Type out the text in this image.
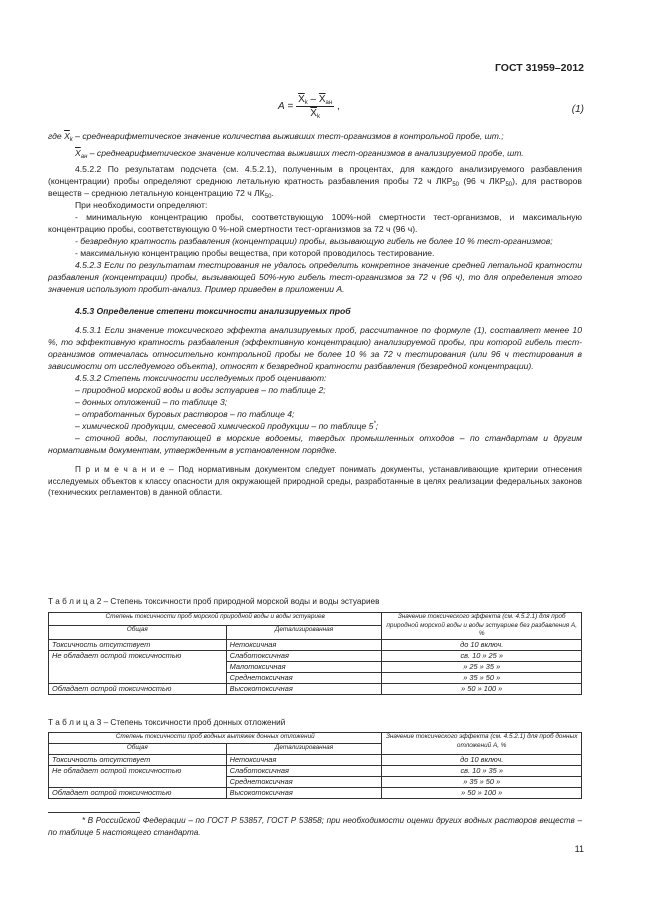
ГОСТ 31959–2012
$A = \frac{\overline{X}_k - \overline{X}_{ан}}{\overline{X}_k}$ ,	(1)

где $\overline{X}_k$ – среднеарифметическое значение количества выживших тест-организмов в контрольной пробе, шт.;

$\overline{X}_{ан}$ – среднеарифметическое значение количества выживших тест-организмов в анализируемой пробе, шт.

4.5.2.2 По результатам подсчета (см. 4.5.2.1), полученным в процентах, для каждого анализируемого разбавления (концентрации) пробы определяют среднюю летальную кратность разбавления пробы 72 ч $ЛКР_{50}$ (96 ч $ЛКР_{50}$), для растворов веществ – среднюю летальную концентрацию 72 ч $ЛК_{50}$.

При необходимости определяют:

- минимальную концентрацию пробы, соответствующую 100%-ной смертности тест-организмов, и максимальную концентрацию пробы, соответствующую 0 %-ной смертности тест-организмов за 72 ч (96 ч).

- безвредную кратность разбавления (концентрации) пробы, вызывающую гибель не более 10 % тест-организмов;

- максимальную концентрацию пробы вещества, при которой проводилось тестирование.

4.5.2.3 Если по результатам тестирования не удалось определить конкретное значение средней летальной кратности разбавления (концентрации) пробы, вызывающей 50%-ную гибель тест-организмов за 72 ч (96 ч), то для определения этого значения используют пробит-анализ. Пример приведен в приложении А.

4.5.3 Определение степени токсичности анализируемых проб

4.5.3.1 Если значение токсического эффекта анализируемых проб, рассчитанное по формуле (1), составляет менее 10 %, то эффективную кратность разбавления (эффективную концентрацию) анализируемой пробы, при которой гибель тест-организмов отмечалась относительно контрольной пробы не более 10 % за 72 ч тестирования (или 96 ч тестирования в зависимости от исследуемого объекта), относят к безвредной кратности разбавления (безвредной концентрации).

4.5.3.2 Степень токсичности исследуемых проб оценивают:

– природной морской воды и воды эстуариев – по таблице 2;

– донных отложений – по таблице 3;

– отработанных буровых растворов – по таблице 4;

– химической продукции, смесевой химической продукции – по таблице 5*;

– сточной воды, поступающей в морские водоемы, твердых промышленных отходов – по стандартам и другим нормативным документам, утвержденным в установленном порядке.

П р и м е ч а н и е – Под нормативным документом следует понимать документы, устанавливающие критерии отнесения исследуемых объектов к классу опасности для окружающей природной среды, разработанные в целях реализации федеральных законов (технических регламентов) в данной области.

Т а б л и ц а 2 – Степень токсичности проб природной морской воды и воды эстуариев
Степень токсичности проб морской природной воды и воды эстуариев		Значение токсического эффекта (см. 4.5.2.1) для проб природной морской воды и воды эстуариев без разбавления А, %
Общая	Детализированная	
Токсичность отсутствует	Нетоксичная	до 10 включ.
Не обладает острой токсичностью	Слаботоксичная	св. 10 » 25 »
	Малотоксичная	» 25 » 35 »
	Среднетоксичная	» 35 » 50 »
Обладает острой токсичностью	Высокотоксичная	» 50 » 100 »
Т а б л и ц а 3 – Степень токсичности проб донных отложений
Степень токсичности проб водных вытяжек донных отложений		Значение токсического эффекта (см. 4.5.2.1) для проб донных отложений А, %
Общая	Детализированная	
Токсичность отсутствует	Нетоксичная	до 10 включ.
Не обладает острой токсичностью	Слаботоксичная	св. 10 » 35 »
	Среднетоксичная	» 35 » 50 »
Обладает острой токсичностью	Высокотоксичная	» 50 » 100 »
* В Российской Федерации – по ГОСТ Р 53857, ГОСТ Р 53858; при необходимости оценки других водных растворов веществ – по таблице 5 настоящего стандарта.
11
